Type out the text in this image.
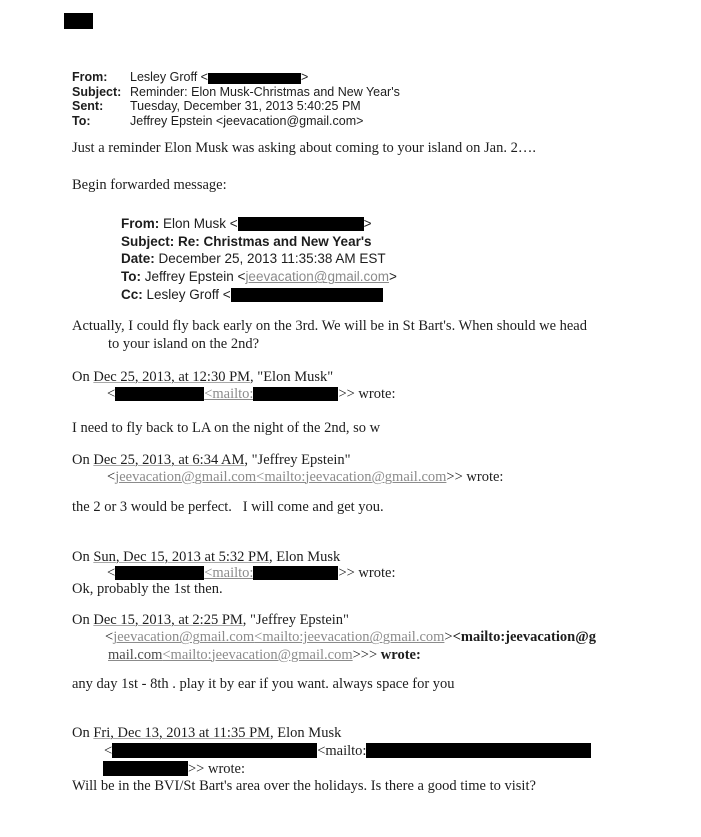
From: Lesley Groff <	>
Subject: Reminder: Elon Musk-Christmas and New Year's
Sent: Tuesday, December 31, 2013 5:40:25 PM
To:	Jeffrey Epstein <jeevacation@gmail.com>
Just a reminder Elon Musk was asking about coming to your island on Jan. 2….
Begin forwarded message:
From: Elon Musk <	>
Subject: Re: Christmas and New Year's
Date: December 25, 2013 11:35:38 AM EST
To: Jeffrey Epstein <jeevacation@gmail.com>
Cc: Lesley Groff <
Actually, I could fly back early on the 3rd. We will be in St Bart's. When should we head
to your island on the 2nd?
On Dec 25, 2013, at 12:30 PM, "Elon Musk"
<	<mailto:	>> wrote:
I need to fly back to LA on the night of the 2nd, so w
On Dec 25, 2013, at 6:34 AM, "Jeffrey Epstein"
<jeevacation@gmail.com<mailto:jeevacation@gmail.com>> wrote:
the 2 or 3 would be perfect.   I will come and get you.
On Sun, Dec 15, 2013 at 5:32 PM, Elon Musk
<	<mailto:	>> wrote:
Ok, probably the 1st then.
On Dec 15, 2013, at 2:25 PM, "Jeffrey Epstein"
<jeevacation@gmail.com<mailto:jeevacation@gmail.com><mailto:jeevacation@g
mail.com<mailto:jeevacation@gmail.com>>> wrote:
any day 1st - 8th . play it by ear if you want. always space for you
On Fri, Dec 13, 2013 at 11:35 PM, Elon Musk
<	<mailto:
>> wrote:
Will be in the BVI/St Bart's area over the holidays. Is there a good time to visit?
